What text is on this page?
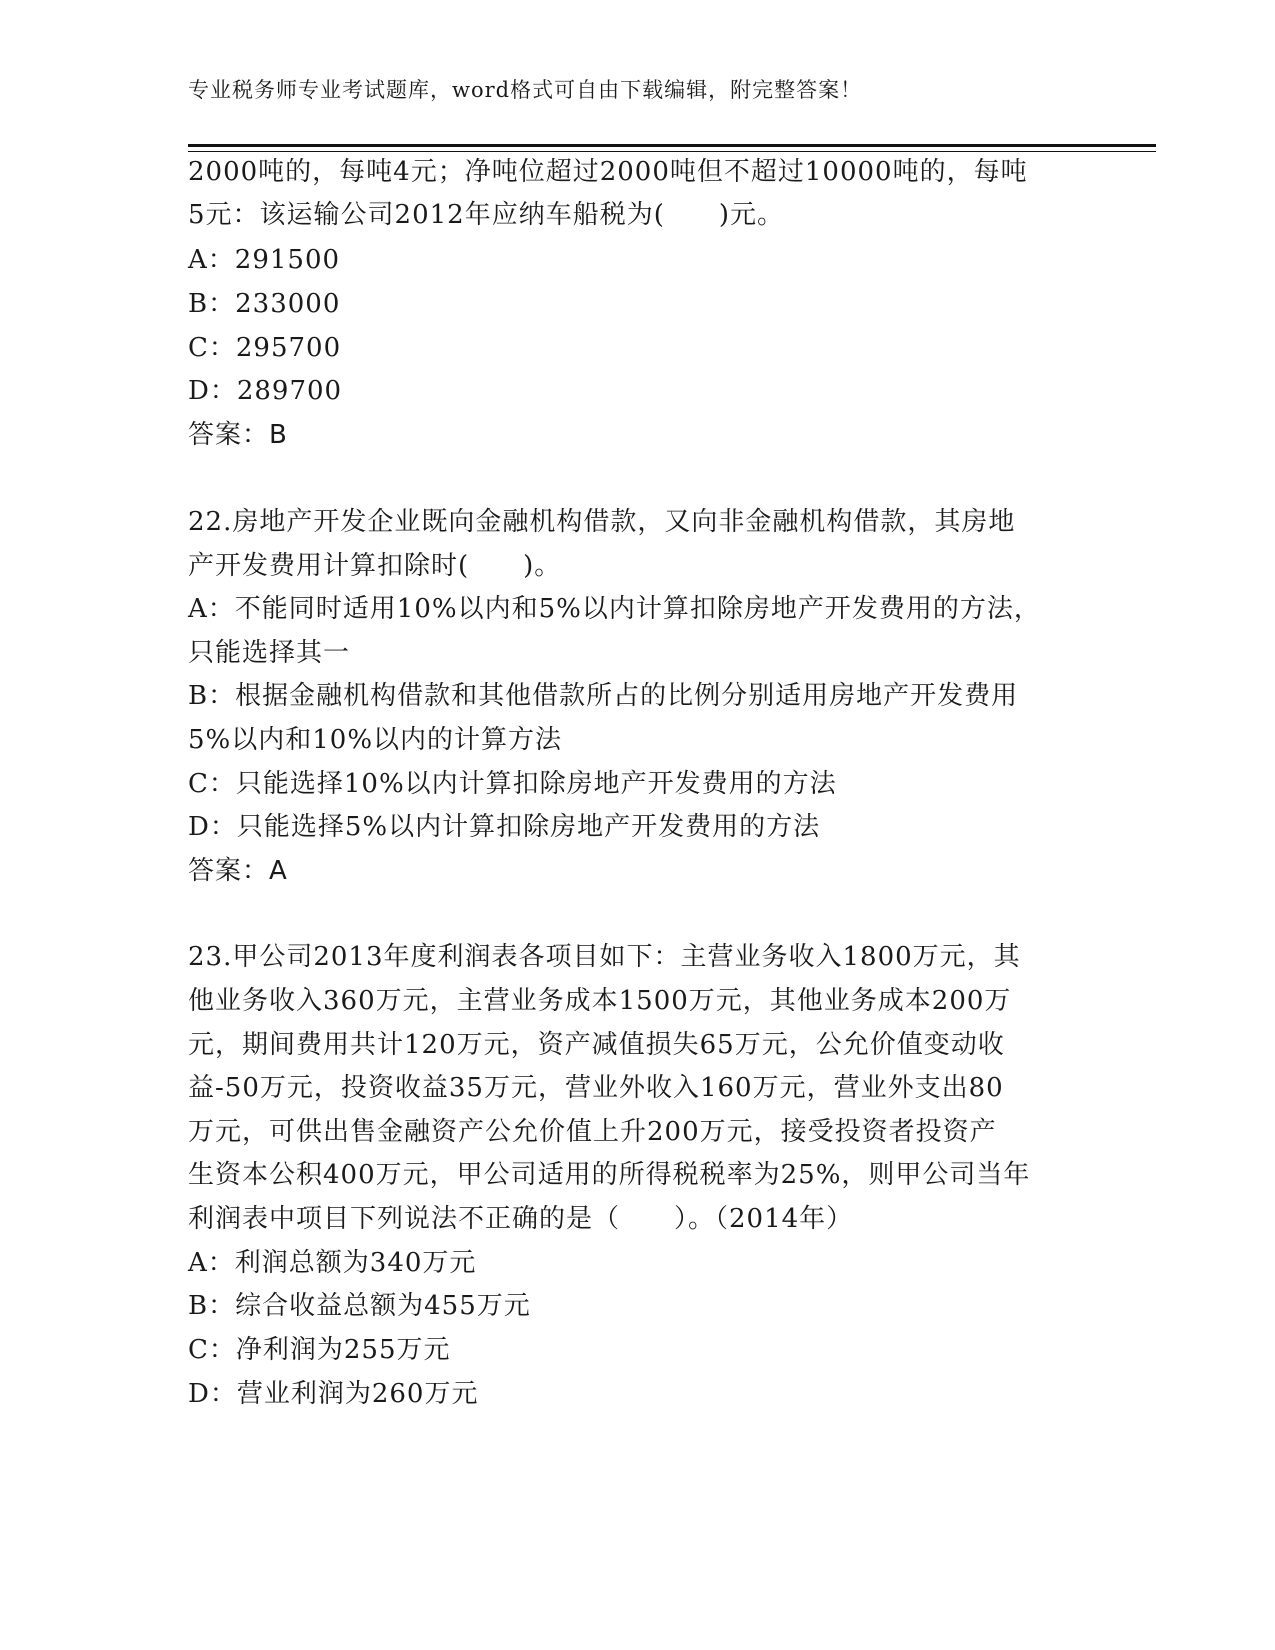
专业税务师专业考试题库，word格式可自由下载编辑，附完整答案！
2000吨的，每吨4元；净吨位超过2000吨但不超过10000吨的，每吨
5元：该运输公司2012年应纳车船税为(　　)元。
A：291500
B：233000
C：295700
D：289700
答案：B
22.房地产开发企业既向金融机构借款，又向非金融机构借款，其房地
产开发费用计算扣除时(　　)。
A：不能同时适用10%以内和5%以内计算扣除房地产开发费用的方法，
只能选择其一
B：根据金融机构借款和其他借款所占的比例分别适用房地产开发费用
5%以内和10%以内的计算方法
C：只能选择10%以内计算扣除房地产开发费用的方法
D：只能选择5%以内计算扣除房地产开发费用的方法
答案：A
23.甲公司2013年度利润表各项目如下：主营业务收入1800万元，其
他业务收入360万元，主营业务成本1500万元，其他业务成本200万
元，期间费用共计120万元，资产减值损失65万元，公允价值变动收
益-50万元，投资收益35万元，营业外收入160万元，营业外支出80
万元，可供出售金融资产公允价值上升200万元，接受投资者投资产
生资本公积400万元，甲公司适用的所得税税率为25%，则甲公司当年
利润表中项目下列说法不正确的是（　　）。（2014年）
A：利润总额为340万元
B：综合收益总额为455万元
C：净利润为255万元
D：营业利润为260万元
